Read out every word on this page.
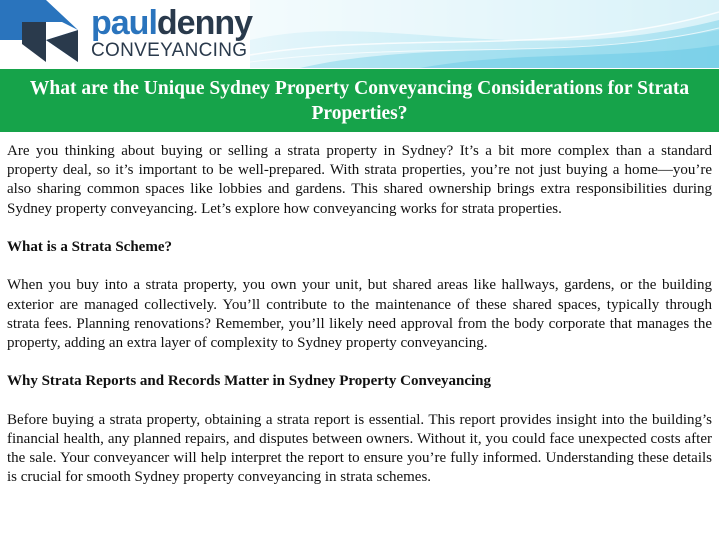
pauldenny
CONVEYANCING
What are the Unique Sydney Property Conveyancing Considerations for Strata Properties?

Are you thinking about buying or selling a strata property in Sydney? It’s a bit more complex than a standard property deal, so it’s important to be well-prepared. With strata properties, you’re not just buying a home—you’re also sharing common spaces like lobbies and gardens. This shared ownership brings extra responsibilities during Sydney property conveyancing. Let’s explore how conveyancing works for strata properties.

What is a Strata Scheme?

When you buy into a strata property, you own your unit, but shared areas like hallways, gardens, or the building exterior are managed collectively. You’ll contribute to the maintenance of these shared spaces, typically through strata fees. Planning renovations? Remember, you’ll likely need approval from the body corporate that manages the property, adding an extra layer of complexity to Sydney property conveyancing.

Why Strata Reports and Records Matter in Sydney Property Conveyancing

Before buying a strata property, obtaining a strata report is essential. This report provides insight into the building’s financial health, any planned repairs, and disputes between owners. Without it, you could face unexpected costs after the sale. Your conveyancer will help interpret the report to ensure you’re fully informed. Understanding these details is crucial for smooth Sydney property conveyancing in strata schemes.
